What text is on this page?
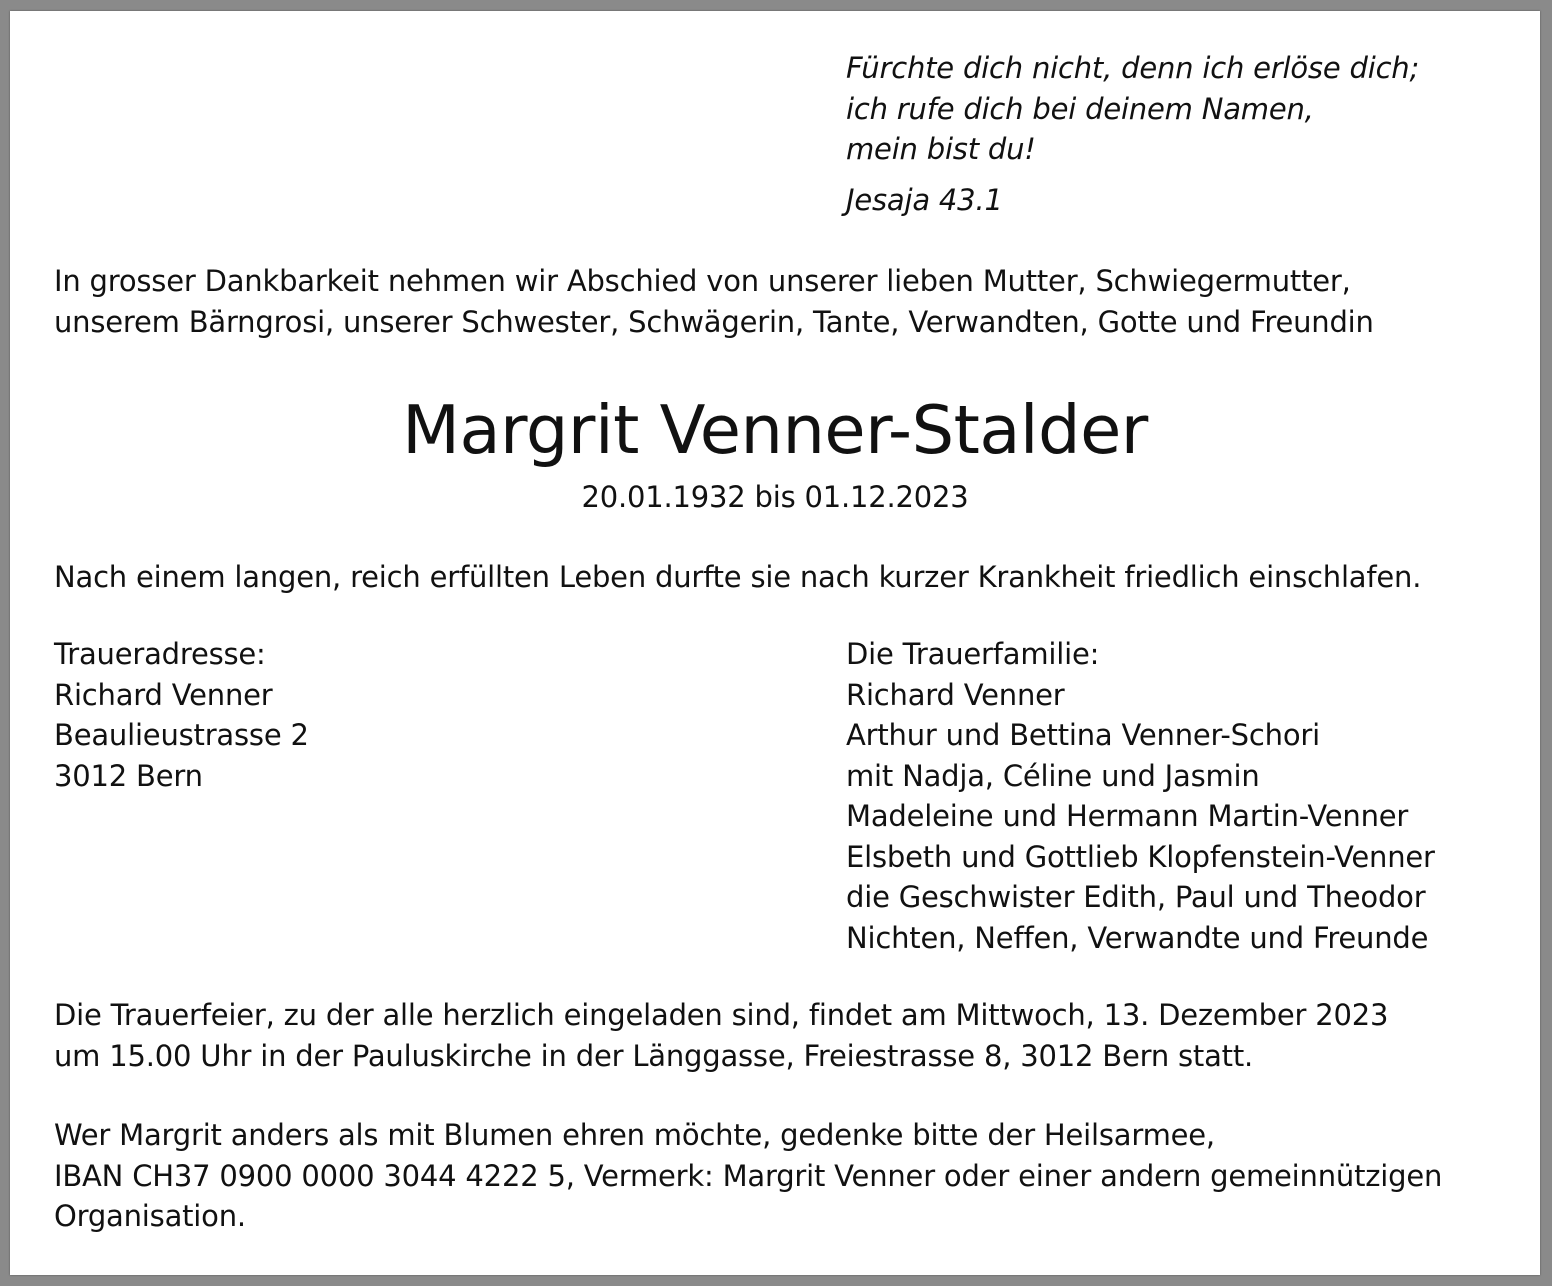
Fürchte dich nicht, denn ich erlöse dich;
ich rufe dich bei deinem Namen,
mein bist du!
Jesaja 43.1
In grosser Dankbarkeit nehmen wir Abschied von unserer lieben Mutter, Schwiegermutter,
unserem Bärngrosi, unserer Schwester, Schwägerin, Tante, Verwandten, Gotte und Freundin
Margrit Venner-Stalder
20.01.1932 bis 01.12.2023
Nach einem langen, reich erfüllten Leben durfte sie nach kurzer Krankheit friedlich einschlafen.
Traueradresse:
Richard Venner
Beaulieustrasse 2
3012 Bern
Die Trauerfamilie:
Richard Venner
Arthur und Bettina Venner-Schori
mit Nadja, Céline und Jasmin
Madeleine und Hermann Martin-Venner
Elsbeth und Gottlieb Klopfenstein-Venner
die Geschwister Edith, Paul und Theodor
Nichten, Neffen, Verwandte und Freunde
Die Trauerfeier, zu der alle herzlich eingeladen sind, findet am Mittwoch, 13. Dezember 2023
um 15.00 Uhr in der Pauluskirche in der Länggasse, Freiestrasse 8, 3012 Bern statt.
Wer Margrit anders als mit Blumen ehren möchte, gedenke bitte der Heilsarmee,
IBAN CH37 0900 0000 3044 4222 5, Vermerk: Margrit Venner oder einer andern gemeinnützigen
Organisation.
